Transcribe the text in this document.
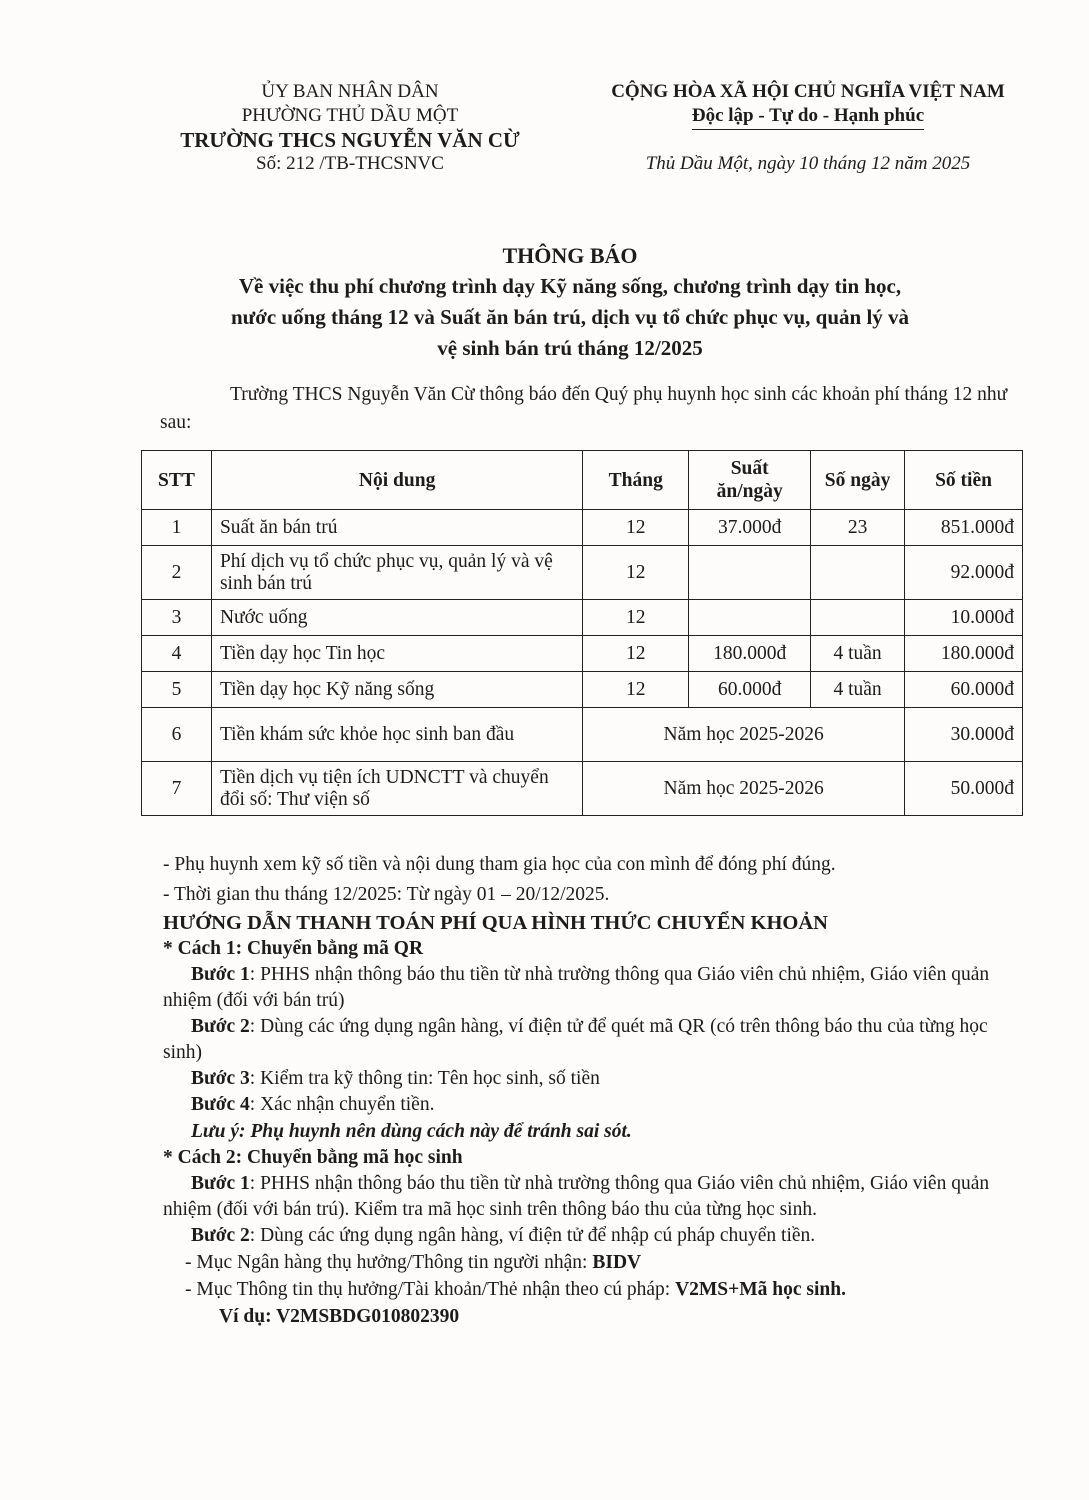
ỦY BAN NHÂN DÂN
PHƯỜNG THỦ DẦU MỘT
TRƯỜNG THCS NGUYỄN VĂN CỪ
Số: 212 /TB-THCSNVC
CỘNG HÒA XÃ HỘI CHỦ NGHĨA VIỆT NAM
Độc lập - Tự do - Hạnh phúc
Thủ Dầu Một, ngày 10 tháng 12 năm 2025
THÔNG BÁO
Về việc thu phí chương trình dạy Kỹ năng sống, chương trình dạy tin học,
nước uống tháng 12 và Suất ăn bán trú, dịch vụ tổ chức phục vụ, quản lý và
vệ sinh bán trú tháng 12/2025
Trường THCS Nguyễn Văn Cừ thông báo đến Quý phụ huynh học sinh các khoản phí tháng 12 như sau:
STT	Nội dung	Tháng	Suất ăn/ngày	Số ngày	Số tiền
1	Suất ăn bán trú	12	37.000đ	23	851.000đ
2	Phí dịch vụ tổ chức phục vụ, quản lý và vệ sinh bán trú	12			92.000đ
3	Nước uống	12			10.000đ
4	Tiền dạy học Tin học	12	180.000đ	4 tuần	180.000đ
5	Tiền dạy học Kỹ năng sống	12	60.000đ	4 tuần	60.000đ
6	Tiền khám sức khỏe học sinh ban đầu	Năm học 2025-2026			30.000đ
7	Tiền dịch vụ tiện ích UDNCTT và chuyển đổi số: Thư viện số	Năm học 2025-2026			50.000đ

- Phụ huynh xem kỹ số tiền và nội dung tham gia học của con mình để đóng phí đúng.

- Thời gian thu tháng 12/2025: Từ ngày 01 – 20/12/2025.

HƯỚNG DẪN THANH TOÁN PHÍ QUA HÌNH THỨC CHUYỂN KHOẢN

* Cách 1: Chuyển bằng mã QR

Bước 1: PHHS nhận thông báo thu tiền từ nhà trường thông qua Giáo viên chủ nhiệm, Giáo viên quản nhiệm (đối với bán trú)

Bước 2: Dùng các ứng dụng ngân hàng, ví điện tử để quét mã QR (có trên thông báo thu của từng học sinh)

Bước 3: Kiểm tra kỹ thông tin: Tên học sinh, số tiền

Bước 4: Xác nhận chuyển tiền.

Lưu ý: Phụ huynh nên dùng cách này để tránh sai sót.

* Cách 2: Chuyển bằng mã học sinh

Bước 1: PHHS nhận thông báo thu tiền từ nhà trường thông qua Giáo viên chủ nhiệm, Giáo viên quản nhiệm (đối với bán trú). Kiểm tra mã học sinh trên thông báo thu của từng học sinh.

Bước 2: Dùng các ứng dụng ngân hàng, ví điện tử để nhập cú pháp chuyển tiền.

- Mục Ngân hàng thụ hưởng/Thông tin người nhận: BIDV

- Mục Thông tin thụ hưởng/Tài khoản/Thẻ nhận theo cú pháp: V2MS+Mã học sinh.

Ví dụ: V2MSBDG010802390
